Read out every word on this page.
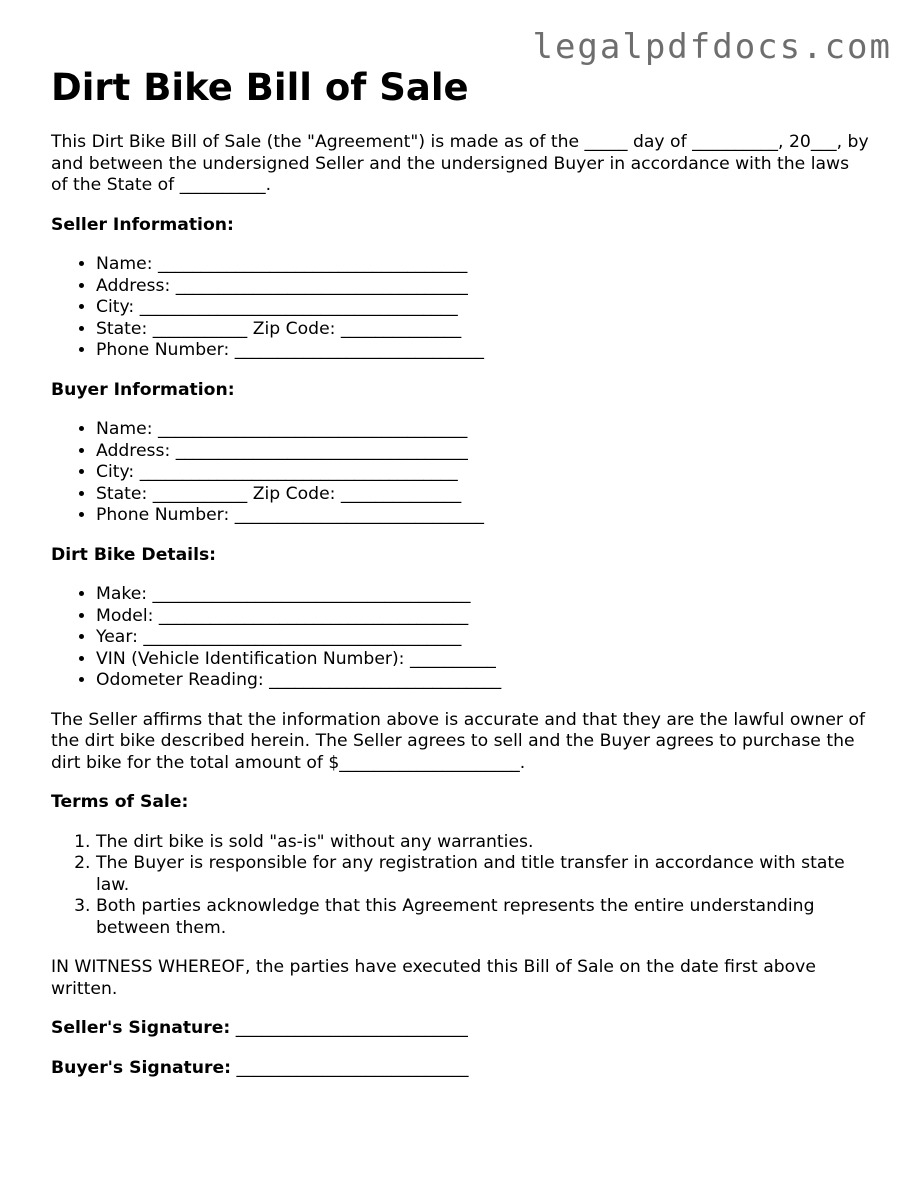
legalpdfdocs.com
Dirt Bike Bill of Sale

This Dirt Bike Bill of Sale (the "Agreement") is made as of the _____ day of __________, 20___, by and between the undersigned Seller and the undersigned Buyer in accordance with the laws of the State of __________.

Seller Information:
• Name: ____________________________________
• Address: __________________________________
• City: _____________________________________
• State: ___________ Zip Code: ______________
• Phone Number: _____________________________
Buyer Information:
• Name: ____________________________________
• Address: __________________________________
• City: _____________________________________
• State: ___________ Zip Code: ______________
• Phone Number: _____________________________
Dirt Bike Details:
• Make: _____________________________________
• Model: ____________________________________
• Year: _____________________________________
• VIN (Vehicle Identification Number): __________
• Odometer Reading: ___________________________

The Seller affirms that the information above is accurate and that they are the lawful owner of the dirt bike described herein. The Seller agrees to sell and the Buyer agrees to purchase the dirt bike for the total amount of $_____________________.

Terms of Sale:
1. The dirt bike is sold "as-is" without any warranties.
2. The Buyer is responsible for any registration and title transfer in accordance with state law.
3. Both parties acknowledge that this Agreement represents the entire understanding between them.

IN WITNESS WHEREOF, the parties have executed this Bill of Sale on the date first above written.

Seller's Signature: ___________________________

Buyer's Signature: ___________________________
